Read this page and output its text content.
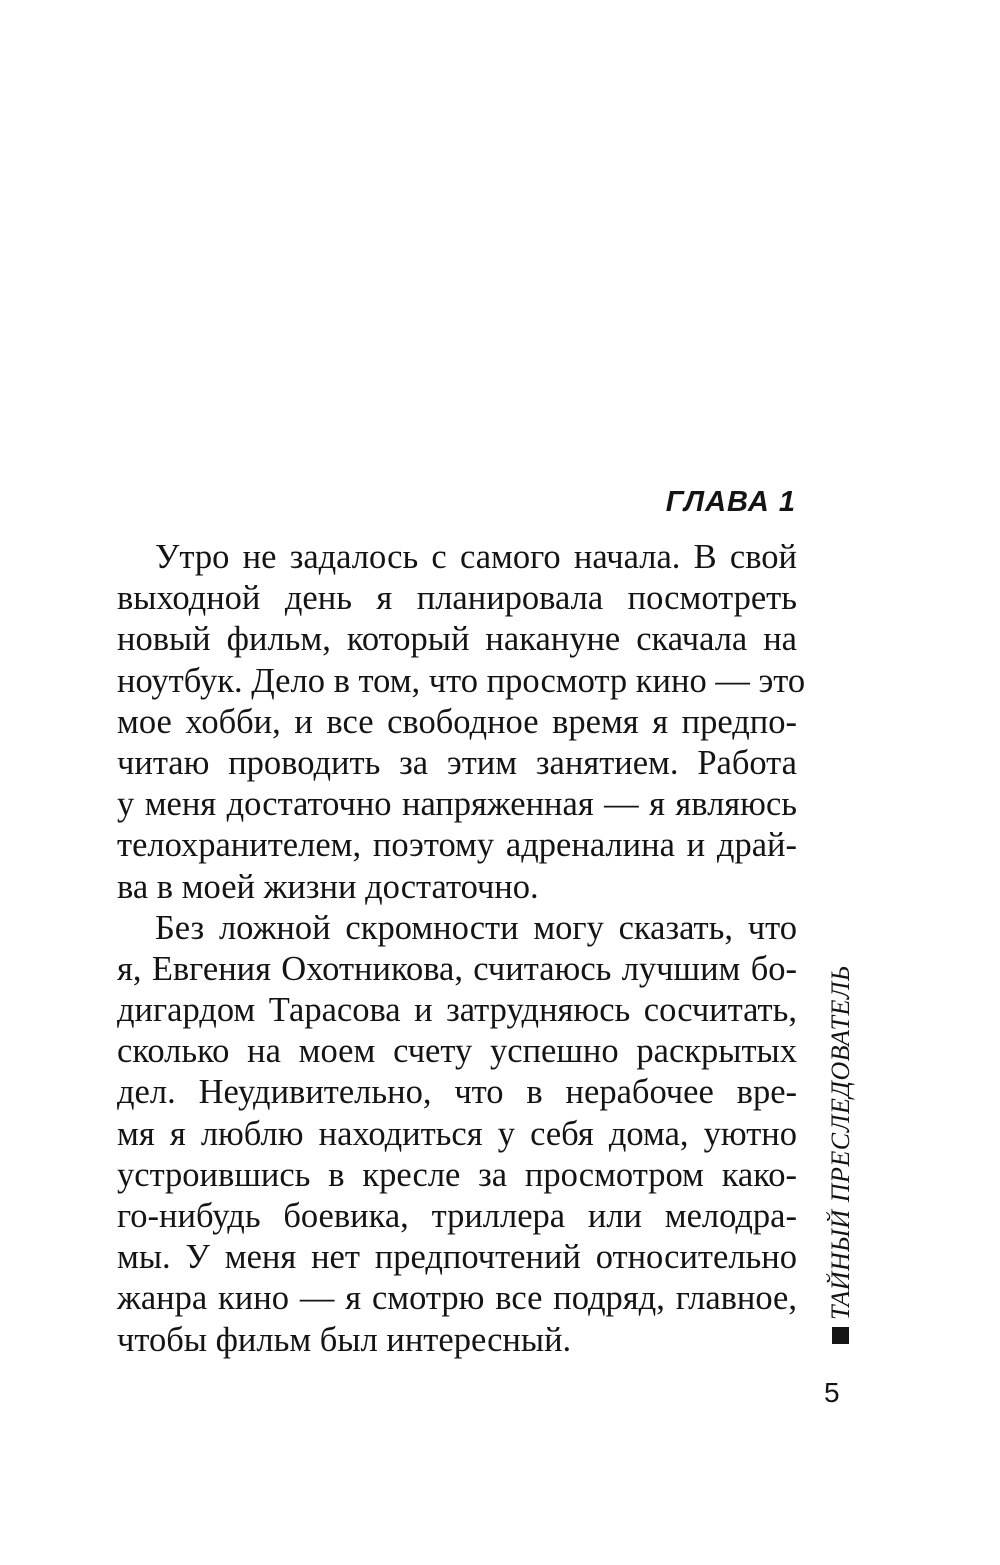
ГЛАВА 1
Утро не задалось с самого начала. В свой
выходной день я планировала посмотреть
новый фильм, который накануне скачала на
ноутбук. Дело в том, что просмотр кино — это
мое хобби, и все свободное время я предпо-
читаю проводить за этим занятием. Работа
у меня достаточно напряженная — я являюсь
телохранителем, поэтому адреналина и драй-
ва в моей жизни достаточно.
Без ложной скромности могу сказать, что
я, Евгения Охотникова, считаюсь лучшим бо-
дигардом Тарасова и затрудняюсь сосчитать,
сколько на моем счету успешно раскрытых
дел. Неудивительно, что в нерабочее вре-
мя я люблю находиться у себя дома, уютно
устроившись в кресле за просмотром како-
го-нибудь боевика, триллера или мелодра-
мы. У меня нет предпочтений относительно
жанра кино — я смотрю все подряд, главное,
чтобы фильм был интересный.
ТАЙНЫЙ ПРЕСЛЕДОВАТЕЛЬ
5
